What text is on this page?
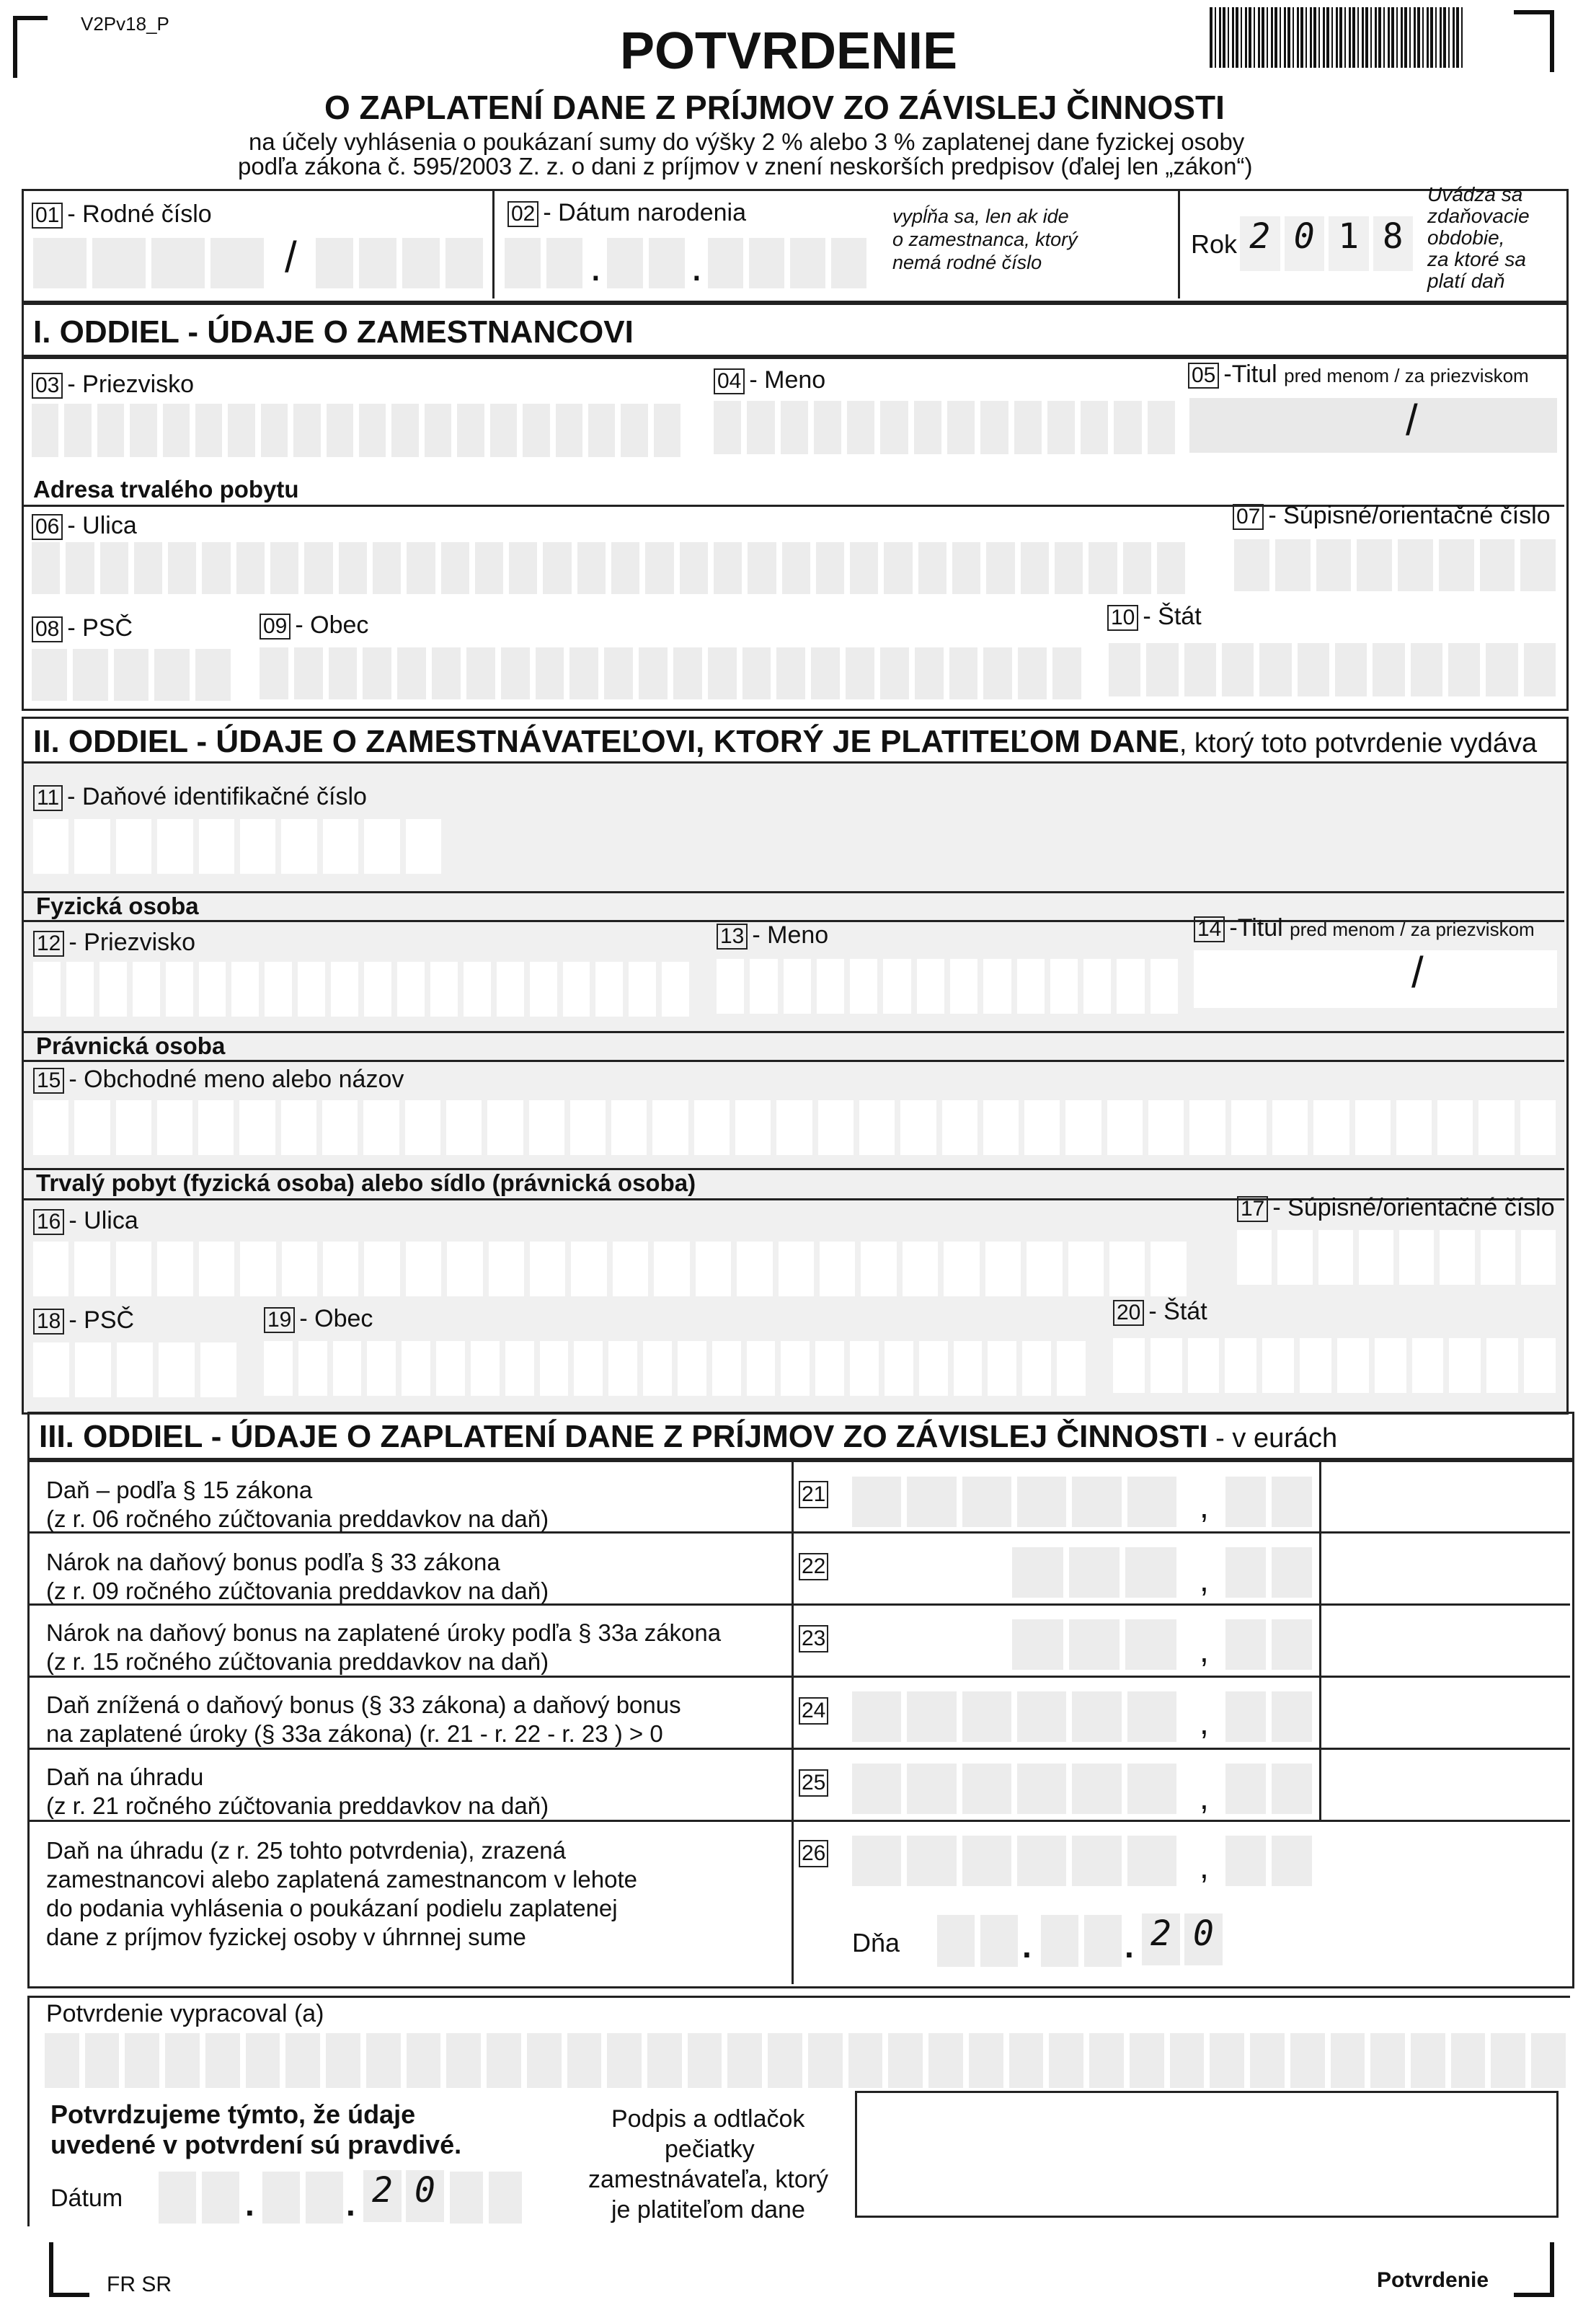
V2Pv18_P	POTVRDENIE
O ZAPLATENÍ DANE Z PRÍJMOV ZO ZÁVISLEJ ČINNOSTI
na účely vyhlásenia o poukázaní sumy do výšky 2 % alebo 3 % zaplatenej dane fyzickej osoby
podľa zákona č. 595/2003 Z. z. o dani z príjmov v znení neskorších predpisov (ďalej len „zákon“)
01 - Rodné číslo
/
02 - Dátum narodenia
. .
vypĺňa sa, len ak ide
o zamestnanca, ktorý
nemá rodné číslo
Rok 2 0 1 8
Uvádza sa
zdaňovacie
obdobie,
za ktoré sa
platí daň
I. ODDIEL - ÚDAJE O ZAMESTNANCOVI
03 - Priezvisko	04 - Meno	05 -Titul pred menom / za priezviskom
/
Adresa trvalého pobytu
06 - Ulica	07 - Súpisné/orientačné číslo
08 - PSČ	09 - Obec	10 - Štát
II. ODDIEL - ÚDAJE O ZAMESTNÁVATEĽOVI, KTORÝ JE PLATITEĽOM DANE, ktorý toto potvrdenie vydáva
11 - Daňové identifikačné číslo
Fyzická osoba
12 - Priezvisko	13 - Meno	14 -Titul pred menom / za priezviskom
/
Právnická osoba
15 - Obchodné meno alebo názov
Trvalý pobyt (fyzická osoba) alebo sídlo (právnická osoba)
16 - Ulica	17 - Súpisné/orientačné číslo
18 - PSČ	19 - Obec	20 - Štát
III. ODDIEL - ÚDAJE O ZAPLATENÍ DANE Z PRÍJMOV ZO ZÁVISLEJ ČINNOSTI - v eurách
Daň – podľa § 15 zákona
(z r. 06 ročného zúčtovania preddavkov na daň)
21	,
Nárok na daňový bonus podľa § 33 zákona
(z r. 09 ročného zúčtovania preddavkov na daň)
22	,
Nárok na daňový bonus na zaplatené úroky podľa § 33a zákona
(z r. 15 ročného zúčtovania preddavkov na daň)
23	,
Daň znížená o daňový bonus (§ 33 zákona) a daňový bonus
na zaplatené úroky (§ 33a zákona) (r. 21 - r. 22 - r. 23 ) > 0
24	,
Daň na úhradu
(z r. 21 ročného zúčtovania preddavkov na daň)
25	,
Daň na úhradu (z r. 25 tohto potvrdenia), zrazená
zamestnancovi alebo zaplatená zamestnancom v lehote
do podania vyhlásenia o poukázaní podielu zaplatenej
dane z príjmov fyzickej osoby v úhrnnej sume
26	,
Dňa	.	. 2 0
Potvrdenie vypracoval (a)
Potvrdzujeme týmto, že údaje
uvedené v potvrdení sú pravdivé.
Dátum	.	. 2 0
Podpis a odtlačok
pečiatky
zamestnávateľa, ktorý
je platiteľom dane
FR SR	Potvrdenie
